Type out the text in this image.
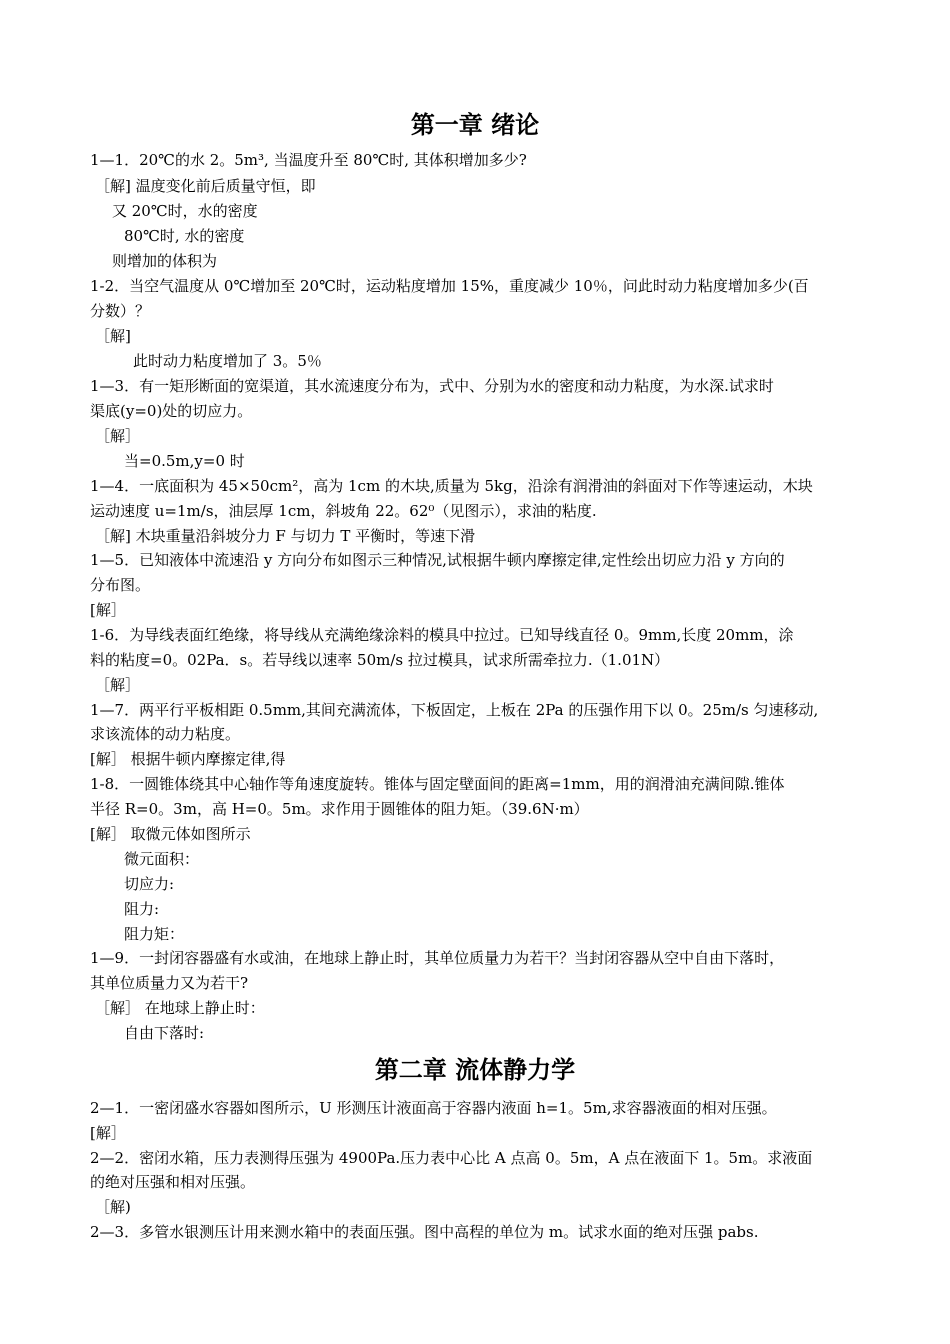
第一章 绪论

1—1．20℃的水 2。5m³, 当温度升至 80℃时, 其体积增加多少?

［解] 温度变化前后质量守恒，即

又 20℃时，水的密度

80℃时, 水的密度

则增加的体积为

1-2．当空气温度从 0℃增加至 20℃时，运动粘度增加 15%，重度减少 10％，问此时动力粘度增加多少(百

分数）？

［解]

此时动力粘度增加了 3。5％

1—3．有一矩形断面的宽渠道，其水流速度分布为，式中、分别为水的密度和动力粘度，为水深.试求时

渠底(y=0)处的切应力。

［解］

当=0.5m,y=0 时

1—4．一底面积为 45×50cm²，高为 1cm 的木块,质量为 5kg，沿涂有润滑油的斜面对下作等速运动，木块

运动速度 u=1m/s，油层厚 1cm，斜坡角 22。62⁰（见图示），求油的粘度.

［解] 木块重量沿斜坡分力 F 与切力 T 平衡时，等速下滑

1—5．已知液体中流速沿 y 方向分布如图示三种情况,试根据牛顿内摩擦定律,定性绘出切应力沿 y 方向的

分布图。

[解］

1-6．为导线表面红绝缘，将导线从充满绝缘涂料的模具中拉过。已知导线直径 0。9mm,长度 20mm，涂

料的粘度=0。02Pa．s。若导线以速率 50m/s 拉过模具，试求所需牵拉力.（1.01N）

［解］

1—7．两平行平板相距 0.5mm,其间充满流体，下板固定，上板在 2Pa 的压强作用下以 0。25m/s 匀速移动,

求该流体的动力粘度。

[解］ 根据牛顿内摩擦定律,得

1-8．一圆锥体绕其中心轴作等角速度旋转。锥体与固定壁面间的距离=1mm，用的润滑油充满间隙.锥体

半径 R=0。3m，高 H=0。5m。求作用于圆锥体的阻力矩。（39.6N·m）

[解］ 取微元体如图所示

微元面积：

切应力:

阻力:

阻力矩：

1—9．一封闭容器盛有水或油，在地球上静止时，其单位质量力为若干？当封闭容器从空中自由下落时，

其单位质量力又为若干?

［解］ 在地球上静止时：

自由下落时:

第二章 流体静力学

2—1．一密闭盛水容器如图所示，U 形测压计液面高于容器内液面 h=1。5m,求容器液面的相对压强。

[解］

2—2．密闭水箱，压力表测得压强为 4900Pa.压力表中心比 A 点高 0。5m，A 点在液面下 1。5m。求液面

的绝对压强和相对压强。

［解)

2—3．多管水银测压计用来测水箱中的表面压强。图中高程的单位为 m。试求水面的绝对压强 pabs.
